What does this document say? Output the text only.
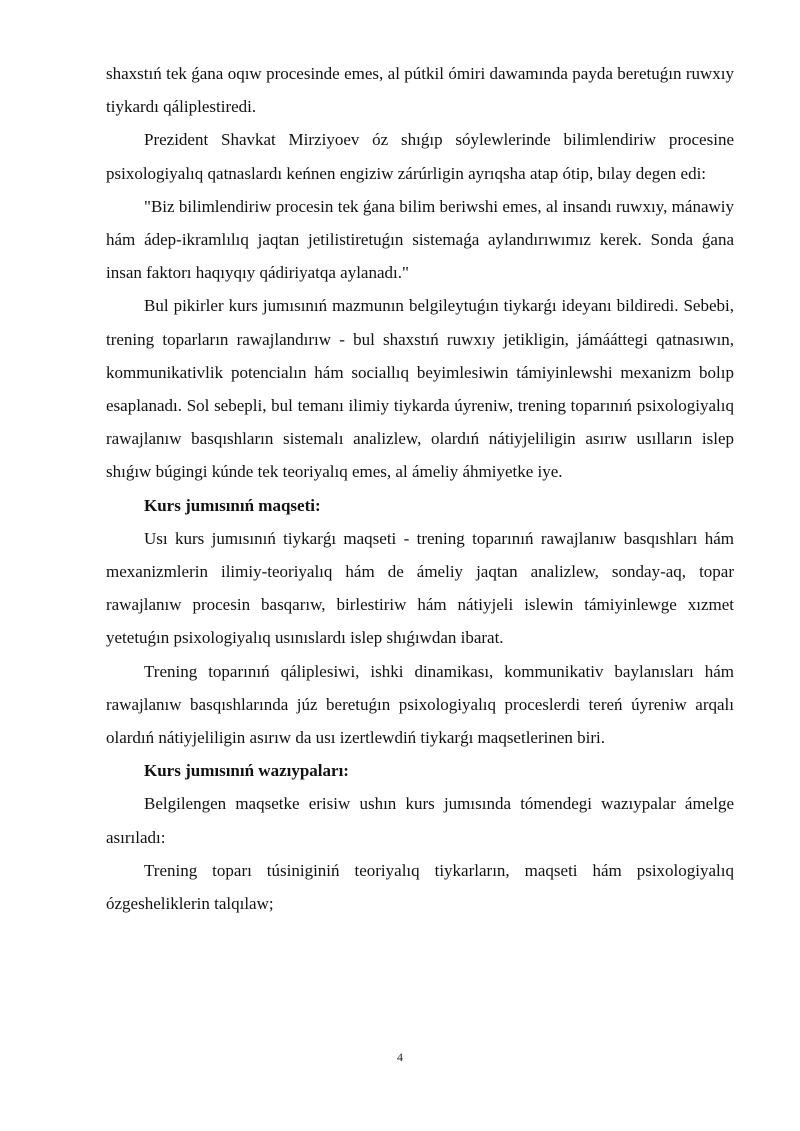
shaxstıń tek ǵana oqıw procesinde emes, al pútkil ómiri dawamında payda beretuǵın ruwxıy tiykardı qáliplestiredi.

Prezident Shavkat Mirziyoev óz shıǵıp sóylewlerinde bilimlendiriw procesine psixologiyalıq qatnaslardı keńnen engiziw zárúrligin ayrıqsha atap ótip, bılay degen edi:

"Biz bilimlendiriw procesin tek ǵana bilim beriwshi emes, al insandı ruwxıy, mánawiy hám ádep-ikramlılıq jaqtan jetilistiretuǵın sistemaǵa aylandırıwımız kerek. Sonda ǵana insan faktorı haqıyqıy qádiriyatqa aylanadı."

Bul pikirler kurs jumısınıń mazmunın belgileytuǵın tiykarǵı ideyanı bildiredi. Sebebi, trening toparların rawajlandırıw - bul shaxstıń ruwxıy jetikligin, jámááttegi qatnasıwın, kommunikativlik potencialın hám sociallıq beyimlesiwin támiyinlewshi mexanizm bolıp esaplanadı. Sol sebepli, bul temanı ilimiy tiykarda úyreniw, trening toparınıń psixologiyalıq rawajlanıw basqıshların sistemalı analizlew, olardıń nátiyjeliligin asırıw usılların islep shıǵıw búgingi kúnde tek teoriyalıq emes, al ámeliy áhmiyetke iye.

Kurs jumısınıń maqseti:

Usı kurs jumısınıń tiykarǵı maqseti - trening toparınıń rawajlanıw basqıshları hám mexanizmlerin ilimiy-teoriyalıq hám de ámeliy jaqtan analizlew, sonday-aq, topar rawajlanıw procesin basqarıw, birlestiriw hám nátiyjeli islewin támiyinlewge xızmet yetetuǵın psixologiyalıq usınıslardı islep shıǵıwdan ibarat.

Trening toparınıń qáliplesiwi, ishki dinamikası, kommunikativ baylanısları hám rawajlanıw basqıshlarında júz beretuǵın psixologiyalıq proceslerdi tereń úyreniw arqalı olardıń nátiyjeliligin asırıw da usı izertlewdiń tiykarǵı maqsetlerinen biri.

Kurs jumısınıń wazıypaları:

Belgilengen maqsetke erisiw ushın kurs jumısında tómendegi wazıypalar ámelge asırıladı:

Trening toparı túsiniginiń teoriyalıq tiykarların, maqseti hám psixologiyalıq ózgesheliklerin talqılaw;

4
